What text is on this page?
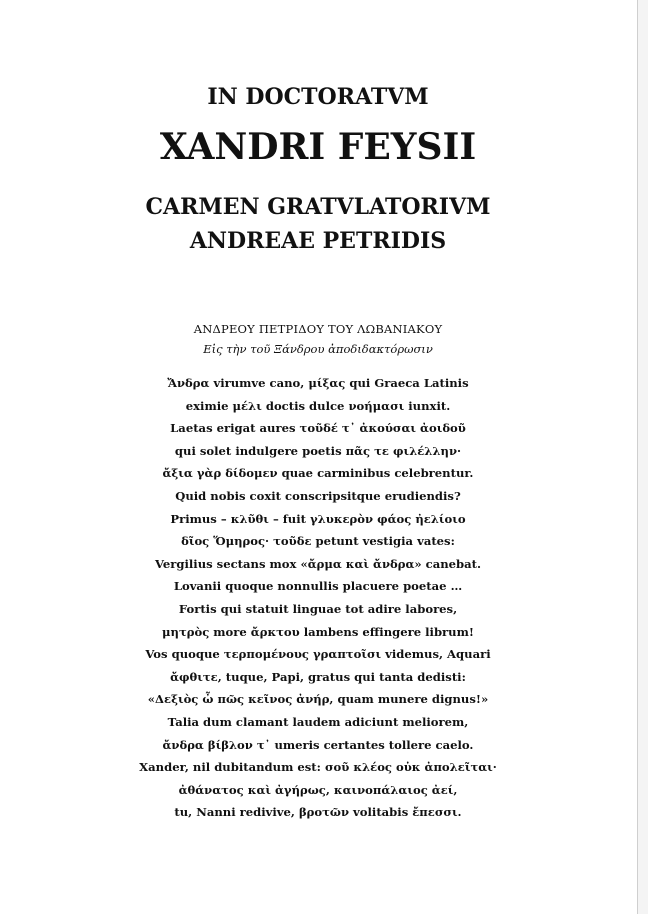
IN DOCTORATVM
XANDRI FEYSII
CARMEN GRATVLATORIVM
ANDREAE PETRIDIS
ΑΝΔΡΕΟΥ ΠΕΤΡΙΔΟΥ ΤΟΥ ΛΩΒΑΝΙΑΚΟΥ
Εἰς τὴν τοῦ Ξάνδρου ἀποδιδακτόρωσιν
Ἄνδρα virumve cano, μίξας qui Graeca Latinis
eximie μέλι doctis dulce νοήμασι iunxit.
Laetas erigat aures τοῦδέ τ᾽ ἀκούσαι ἀοιδοῦ
qui solet indulgere poetis πᾶς τε φιλέλλην·
ἄξια γὰρ δίδομεν quae carminibus celebrentur.
Quid nobis coxit conscripsitque erudiendis?
Primus – κλῦθι – fuit γλυκερὸν φάος ἠελίοιο
δῖος Ὅμηρος· τοῦδε petunt vestigia vates:
Vergilius sectans mox «ἄρμα καὶ ἄνδρα» canebat.
Lovanii quoque nonnullis placuere poetae …
Fortis qui statuit linguae tot adire labores,
μητρὸς more ἄρκτου lambens effingere librum!
Vos quoque τερπομένους γραπτοῖσι videmus, Aquari
ἄφθιτε, tuque, Papi, gratus qui tanta dedisti:
«Δεξιὸς ὦ πῶς κεῖνος ἀνήρ, quam munere dignus!»
Talia dum clamant laudem adiciunt meliorem,
ἄνδρα βίβλον τ᾽ umeris certantes tollere caelo.
Xander, nil dubitandum est: σοῦ κλέος οὐκ ἀπολεῖται·
ἀθάνατος καὶ ἀγήρως, καινοπάλαιος ἀεί,
tu, Nanni redivive, βροτῶν volitabis ἔπεσσι.
